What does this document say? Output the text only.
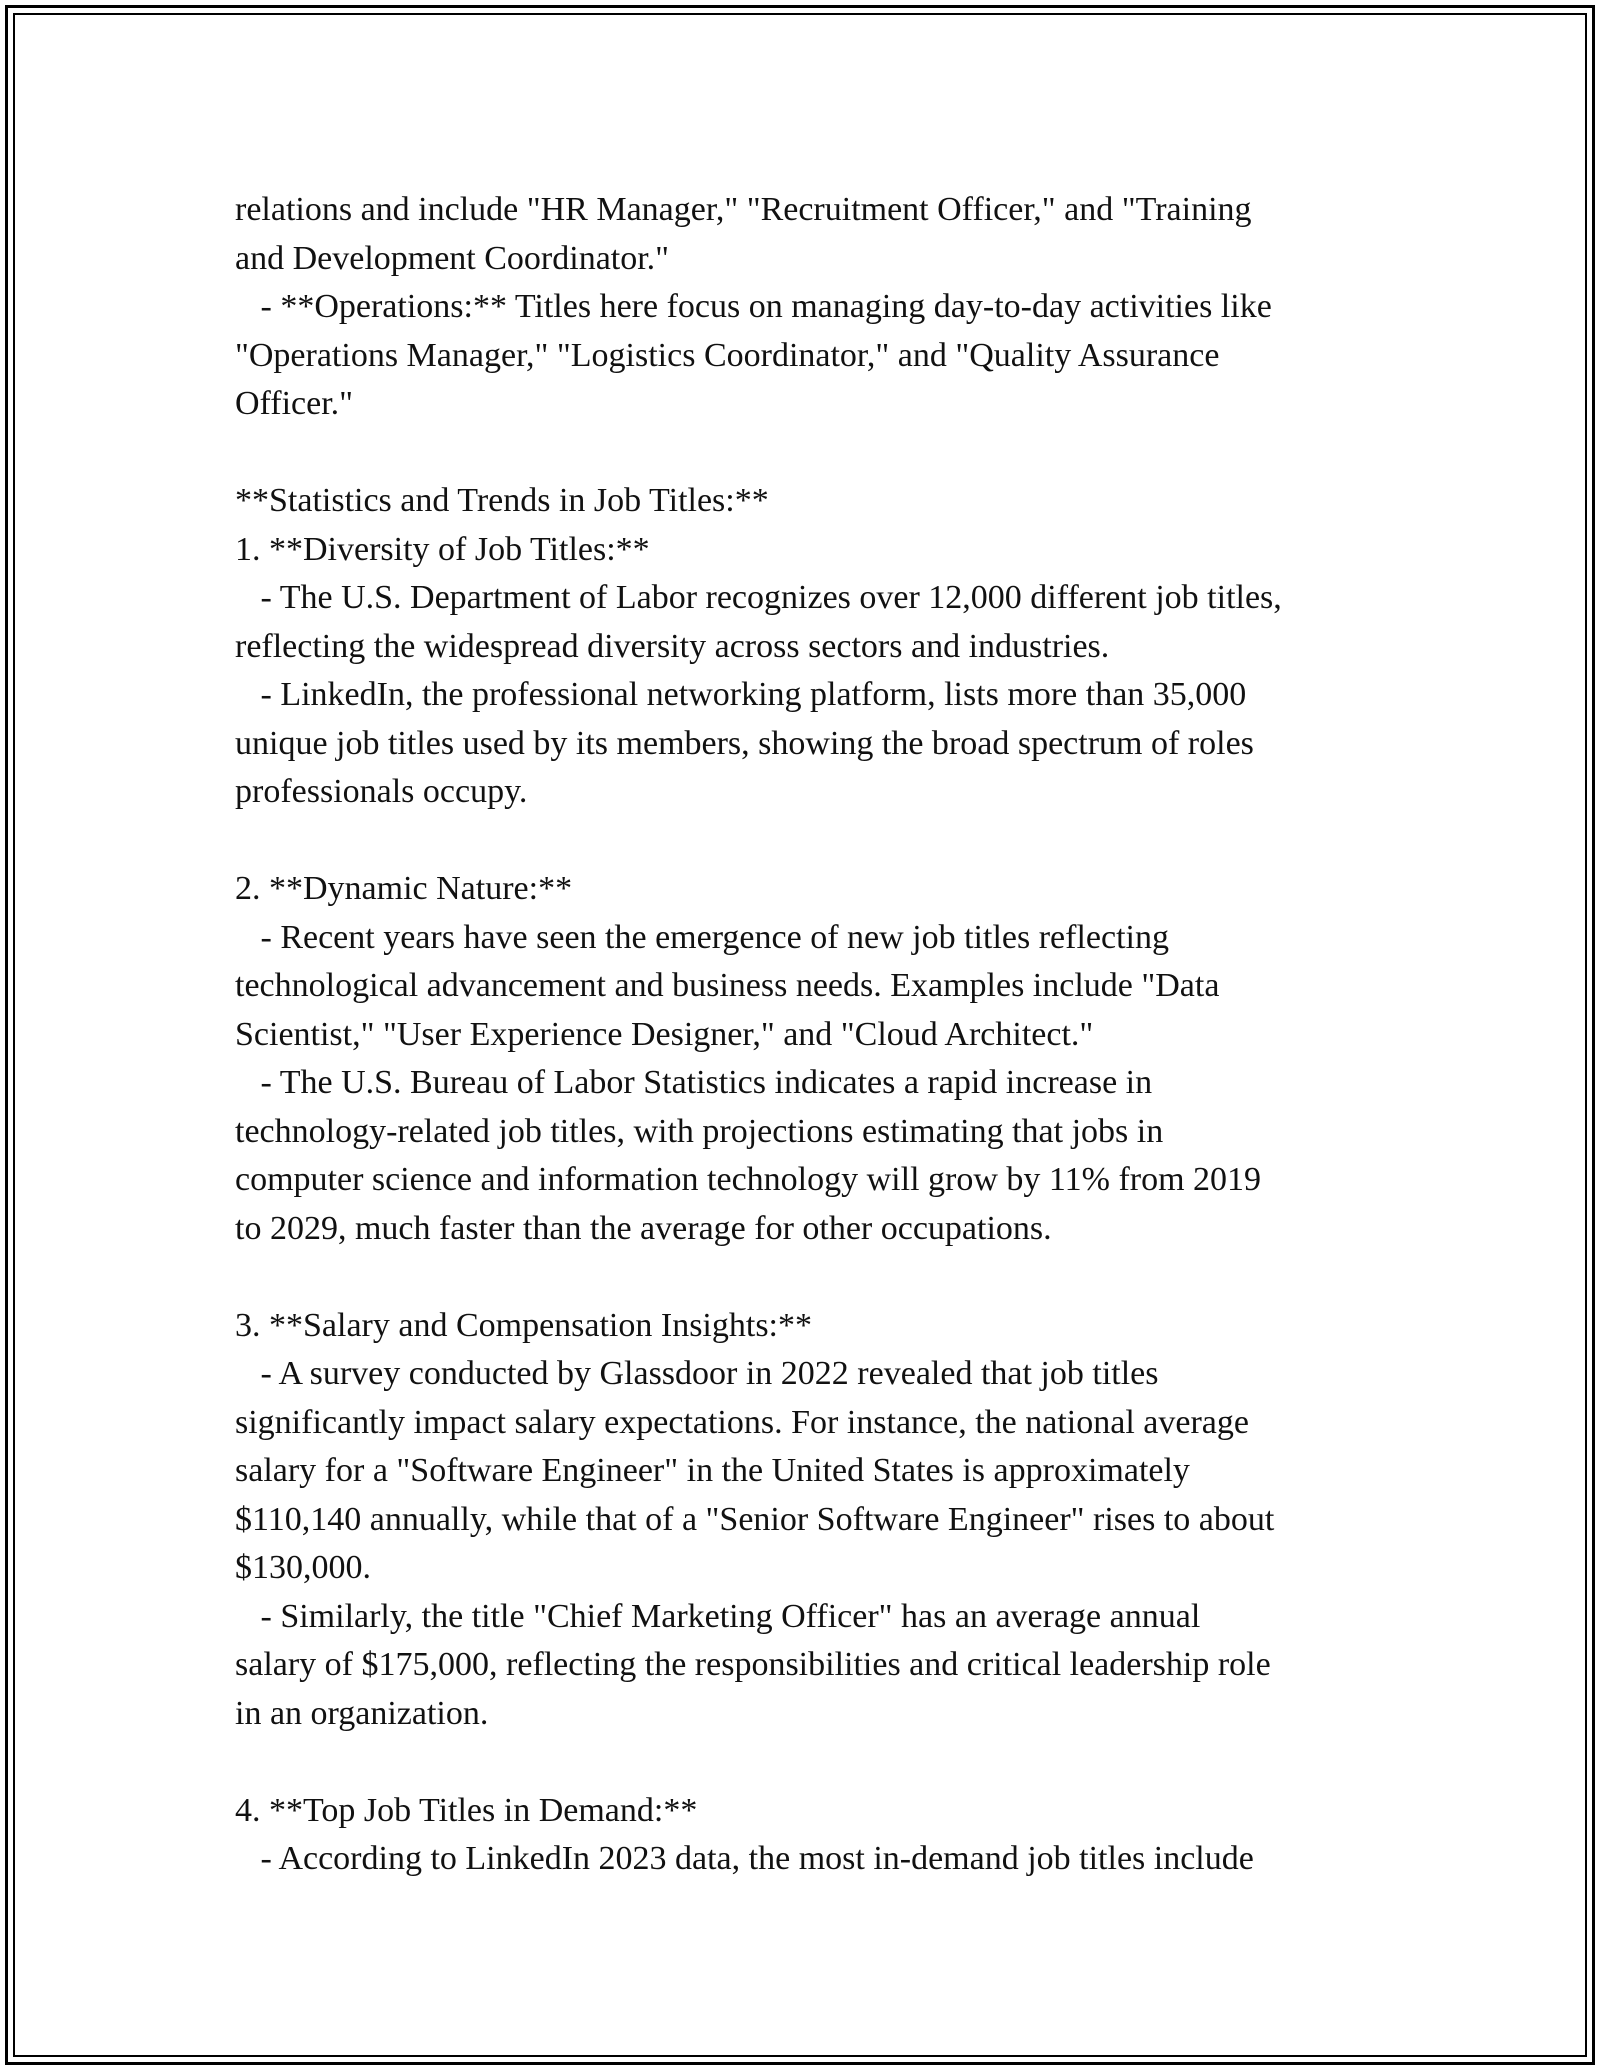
relations and include "HR Manager," "Recruitment Officer," and "Training
and Development Coordinator."
- **Operations:** Titles here focus on managing day-to-day activities like
"Operations Manager," "Logistics Coordinator," and "Quality Assurance
Officer."
**Statistics and Trends in Job Titles:**
1. **Diversity of Job Titles:**
- The U.S. Department of Labor recognizes over 12,000 different job titles,
reflecting the widespread diversity across sectors and industries.
- LinkedIn, the professional networking platform, lists more than 35,000
unique job titles used by its members, showing the broad spectrum of roles
professionals occupy.
2. **Dynamic Nature:**
- Recent years have seen the emergence of new job titles reflecting
technological advancement and business needs. Examples include "Data
Scientist," "User Experience Designer," and "Cloud Architect."
- The U.S. Bureau of Labor Statistics indicates a rapid increase in
technology-related job titles, with projections estimating that jobs in
computer science and information technology will grow by 11% from 2019
to 2029, much faster than the average for other occupations.
3. **Salary and Compensation Insights:**
- A survey conducted by Glassdoor in 2022 revealed that job titles
significantly impact salary expectations. For instance, the national average
salary for a "Software Engineer" in the United States is approximately
$110,140 annually, while that of a "Senior Software Engineer" rises to about
$130,000.
- Similarly, the title "Chief Marketing Officer" has an average annual
salary of $175,000, reflecting the responsibilities and critical leadership role
in an organization.
4. **Top Job Titles in Demand:**
- According to LinkedIn 2023 data, the most in-demand job titles include
